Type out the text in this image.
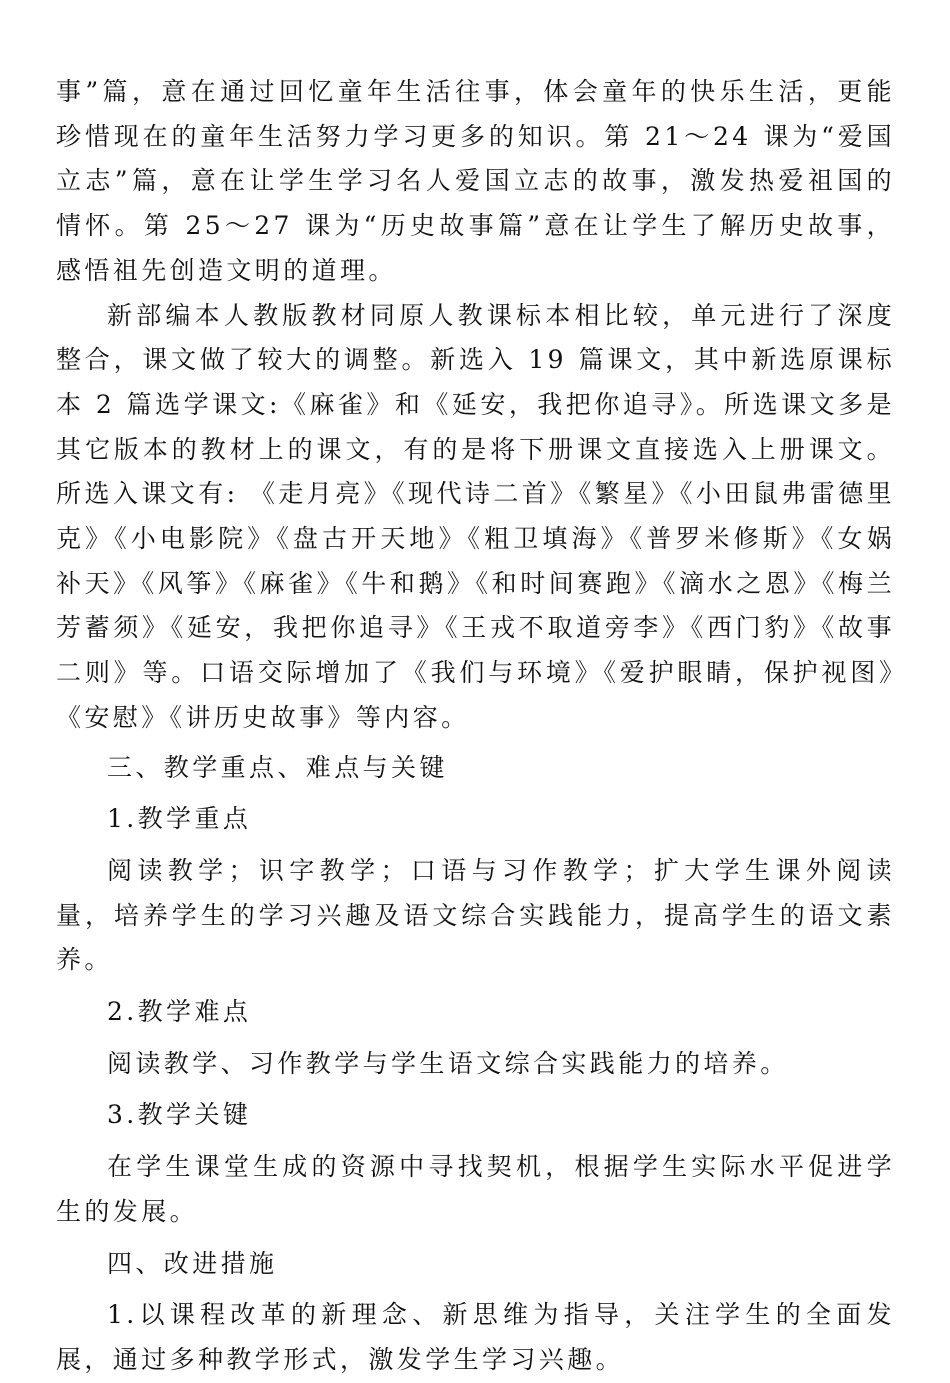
事”篇，意在通过回忆童年生活往事，体会童年的快乐生活，更能珍惜现在的童年生活努力学习更多的知识。第 21～24 课为“爱国立志”篇，意在让学生学习名人爱国立志的故事，激发热爱祖国的情怀。第 25～27 课为“历史故事篇”意在让学生了解历史故事，感悟祖先创造文明的道理。

新部编本人教版教材同原人教课标本相比较，单元进行了深度整合，课文做了较大的调整。新选入 19 篇课文，其中新选原课标本 2 篇选学课文:《麻雀》和《延安，我把你追寻》。所选课文多是其它版本的教材上的课文，有的是将下册课文直接选入上册课文。所选入课文有: 《走月亮》《现代诗二首》《繁星》《小田鼠弗雷德里克》《小电影院》《盘古开天地》《粗卫填海》《普罗米修斯》《女娲补天》《风筝》《麻雀》《牛和鹅》《和时间赛跑》《滴水之恩》《梅兰芳蓄须》《延安，我把你追寻》《王戎不取道旁李》《西门豹》《故事二则》等。口语交际增加了《我们与环境》《爱护眼睛，保护视图》《安慰》《讲历史故事》等内容。

三、教学重点、难点与关键

1.教学重点

阅读教学；识字教学；口语与习作教学；扩大学生课外阅读量，培养学生的学习兴趣及语文综合实践能力，提高学生的语文素养。

2.教学难点

阅读教学、习作教学与学生语文综合实践能力的培养。

3.教学关键

在学生课堂生成的资源中寻找契机，根据学生实际水平促进学生的发展。

四、改进措施

1.以课程改革的新理念、新思维为指导，关注学生的全面发展，通过多种教学形式，激发学生学习兴趣。
